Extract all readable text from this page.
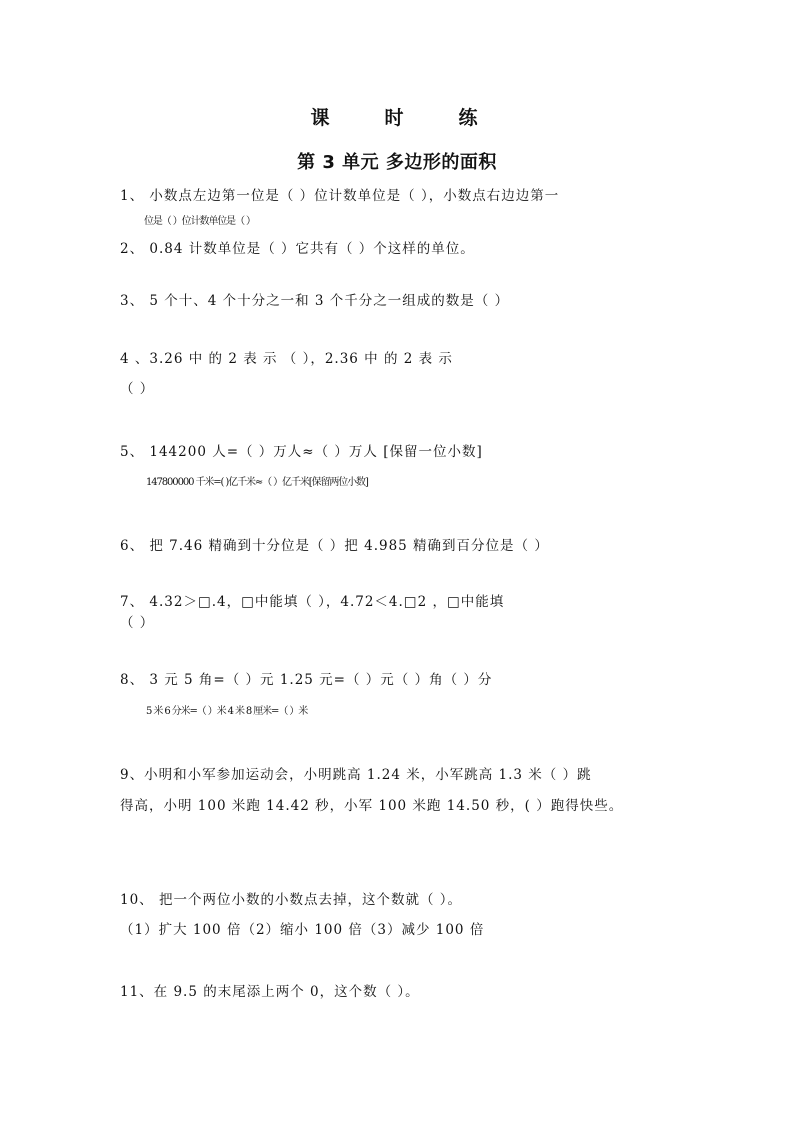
课　时　练
第 3 单元 多边形的面积
1、 小数点左边第一位是（ ）位计数单位是（ ），小数点右边边第一
位是（ ）位计数单位是（ ）
2、 0.84 计数单位是（ ）它共有（ ）个这样的单位。
3、 5 个十、4 个十分之一和 3 个千分之一组成的数是（ ）
4 、3.26 中 的 2 表 示 （ ），2.36 中 的 2 表 示
（ ）
5、 144200 人=（ ）万人≈（ ）万人 [保留一位小数]
147800000 千米=( )亿千米≈（ ）亿千米[保留两位小数]
6、 把 7.46 精确到十分位是（ ）把 4.985 精确到百分位是（ ）
7、 4.32＞□.4，□中能填（ ），4.72＜4.□2 ，□中能填
（ ）
8、 3 元 5 角=（ ）元 1.25 元=（ ）元（ ）角（ ）分
5 米 6 分米=（ ）米 4 米 8 厘米=（ ）米
9、小明和小军参加运动会，小明跳高 1.24 米，小军跳高 1.3 米（ ）跳
得高，小明 100 米跑 14.42 秒，小军 100 米跑 14.50 秒，( ）跑得快些。
10、 把一个两位小数的小数点去掉，这个数就（ ）。
（1）扩大 100 倍（2）缩小 100 倍（3）减少 100 倍
11、在 9.5 的末尾添上两个 0，这个数（ ）。
